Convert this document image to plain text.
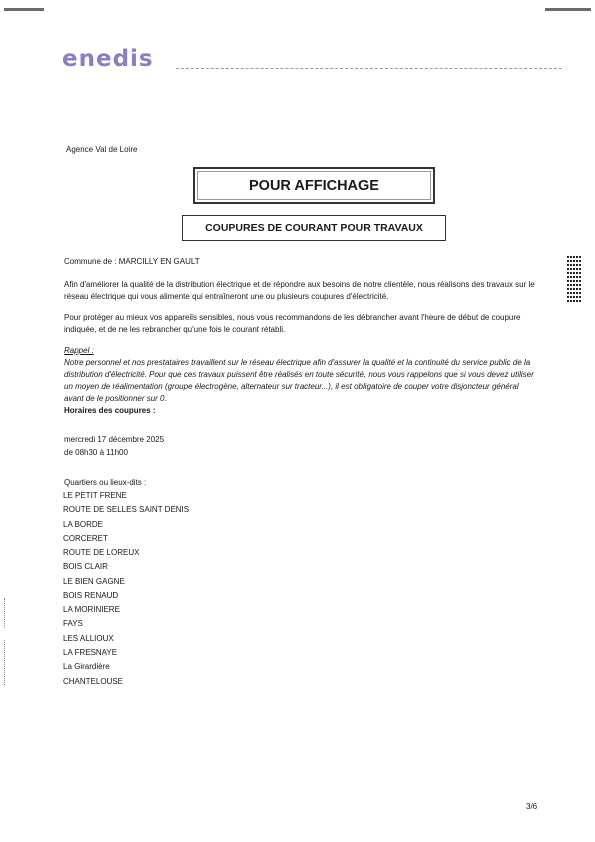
enedis
Agence Val de Loire
POUR AFFICHAGE
COUPURES DE COURANT POUR TRAVAUX
Commune de : MARCILLY EN GAULT
Afin d'améliorer la qualité de la distribution électrique et de répondre aux besoins de notre clientèle, nous réalisons des travaux sur le réseau électrique qui vous alimente qui entraîneront une ou plusieurs coupures d'électricité.
Pour protéger au mieux vos appareils sensibles, nous vous recommandons de les débrancher avant l'heure de début de coupure indiquée, et de ne les rebrancher qu'une fois le courant rétabli.
Rappel :
Notre personnel et nos prestataires travaillent sur le réseau électrique afin d'assurer la qualité et la continuité du service public de la distribution d'électricité. Pour que ces travaux puissent être réalisés en toute sécurité, nous vous rappelons que si vous devez utiliser un moyen de réalimentation (groupe électrogène, alternateur sur tracteur...), il est obligatoire de couper votre disjoncteur général avant de le positionner sur 0.
Horaires des coupures :
mercredi 17 décembre 2025
de 08h30 à 11h00
Quartiers ou lieux-dits :
LE PETIT FRENE
ROUTE DE SELLES SAINT DENIS
LA BORDE
CORCERET
ROUTE DE LOREUX
BOIS CLAIR
LE BIEN GAGNE
BOIS RENAUD
LA MORINIERE
FAYS
LES ALLIOUX
LA FRESNAYE
La Girardière
CHANTELOUSE
3/6
